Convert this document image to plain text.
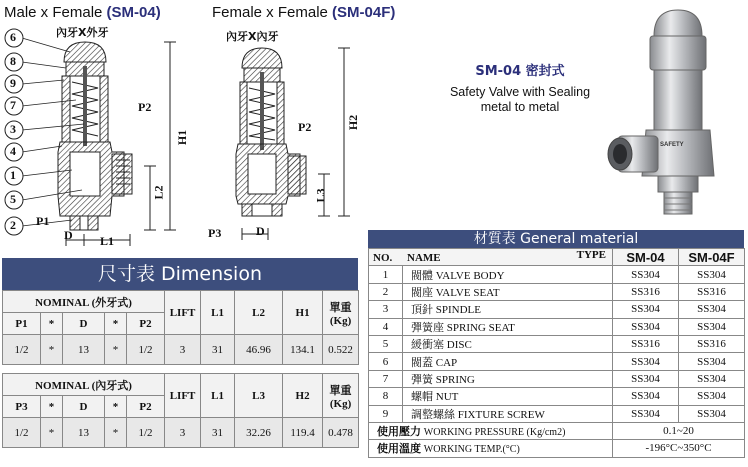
Male x Female (SM-04)
內牙X外牙
Female x Female (SM-04F)
內牙X內牙
6
8
9
7
3
4
1
5
2
P2
H1
L2
P1
D L1
P2	H2
L3
P3	D
SAFETY
SM-04 密封式
Safety Valve with Sealing
metal to metal
尺寸表 Dimension
NOMINAL (外牙式)					LIFT	L1	L2	H1	單重
(Kg)
P1	*	D	*	P2					
1/2	*	13	*	1/2	3	31	46.96	134.1	0.522

NOMINAL (內牙式)					LIFT	L1	L3	H2	單重
(Kg)
P3	*	D	*	P2					
1/2	*	13	*	1/2	3	31	32.26	119.4	0.478
材質表 General material
NO. NAME TYPE		SM-04	SM-04F
1	閥體 VALVE BODY	SS304	SS304
2	閥座 VALVE SEAT	SS316	SS316
3	頂針 SPINDLE	SS304	SS304
4	彈簧座 SPRING SEAT	SS304	SS304
5	緩衝塞 DISC	SS316	SS316
6	閥蓋 CAP	SS304	SS304
7	彈簧 SPRING	SS304	SS304
8	螺帽 NUT	SS304	SS304
9	調整螺絲 FIXTURE SCREW	SS304	SS304
使用壓力 WORKING PRESSURE (Kg/cm2)		0.1~20	
使用溫度 WORKING TEMP.(°C)		-196°C~350°C	
